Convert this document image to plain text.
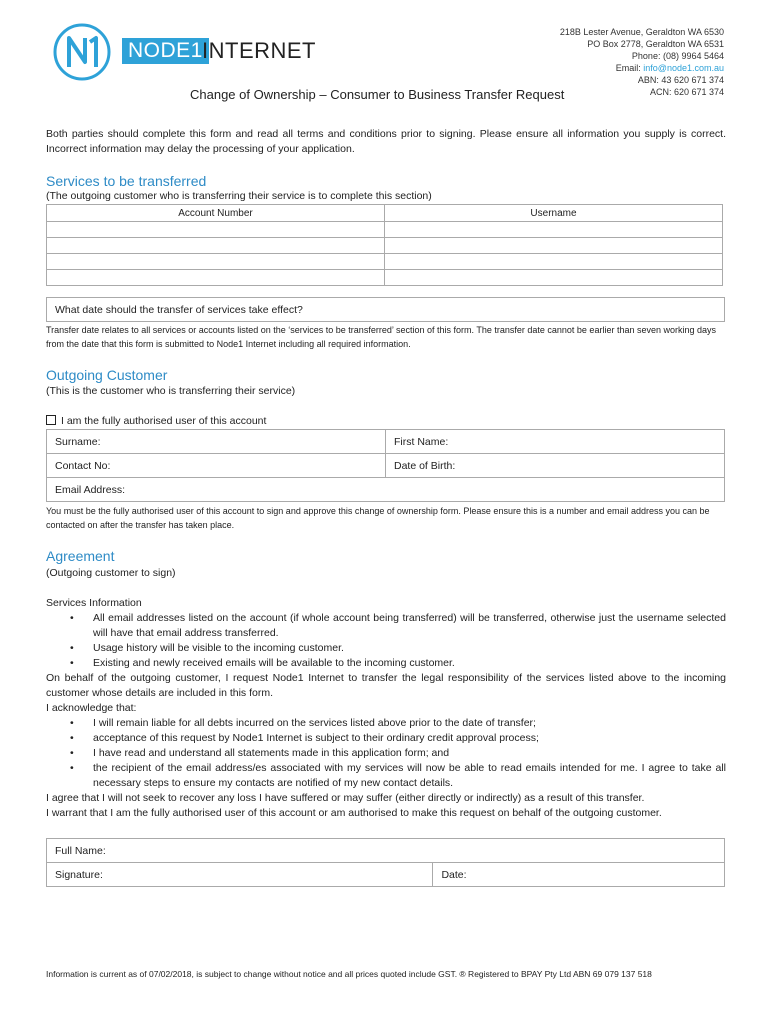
NODE1 INTERNET
218B Lester Avenue, Geraldton WA 6530
PO Box 2778, Geraldton WA 6531
Phone: (08) 9964 5464
Email: info@node1.com.au
ABN: 43 620 671 374
ACN: 620 671 374
Change of Ownership – Consumer to Business Transfer Request
Both parties should complete this form and read all terms and conditions prior to signing. Please ensure all information you supply is correct. Incorrect information may delay the processing of your application.
Services to be transferred
(The outgoing customer who is transferring their service is to complete this section)
Account Number	Username

What date should the transfer of services take effect?
Transfer date relates to all services or accounts listed on the ‘services to be transferred’ section of this form. The transfer date cannot be earlier than seven working days from the date that this form is submitted to Node1 Internet including all required information.
Outgoing Customer
(This is the customer who is transferring their service)
I am the fully authorised user of this account
Surname:	First Name:
Contact No:	Date of Birth:
Email Address:	
You must be the fully authorised user of this account to sign and approve this change of ownership form. Please ensure this is a number and email address you can be contacted on after the transfer has taken place.
Agreement
(Outgoing customer to sign)
Services Information
• All email addresses listed on the account (if whole account being transferred) will be transferred, otherwise just the username selected will have that email address transferred.
• Usage history will be visible to the incoming customer.
• Existing and newly received emails will be available to the incoming customer.
On behalf of the outgoing customer, I request Node1 Internet to transfer the legal responsibility of the services listed above to the incoming customer whose details are included in this form.
I acknowledge that:
• I will remain liable for all debts incurred on the services listed above prior to the date of transfer;
• acceptance of this request by Node1 Internet is subject to their ordinary credit approval process;
• I have read and understand all statements made in this application form; and
• the recipient of the email address/es associated with my services will now be able to read emails intended for me. I agree to take all necessary steps to ensure my contacts are notified of my new contact details.
I agree that I will not seek to recover any loss I have suffered or may suffer (either directly or indirectly) as a result of this transfer.
I warrant that I am the fully authorised user of this account or am authorised to make this request on behalf of the outgoing customer.
Full Name:
Signature:	Date:
Information is current as of 07/02/2018, is subject to change without notice and all prices quoted include GST. ® Registered to BPAY Pty Ltd ABN 69 079 137 518
